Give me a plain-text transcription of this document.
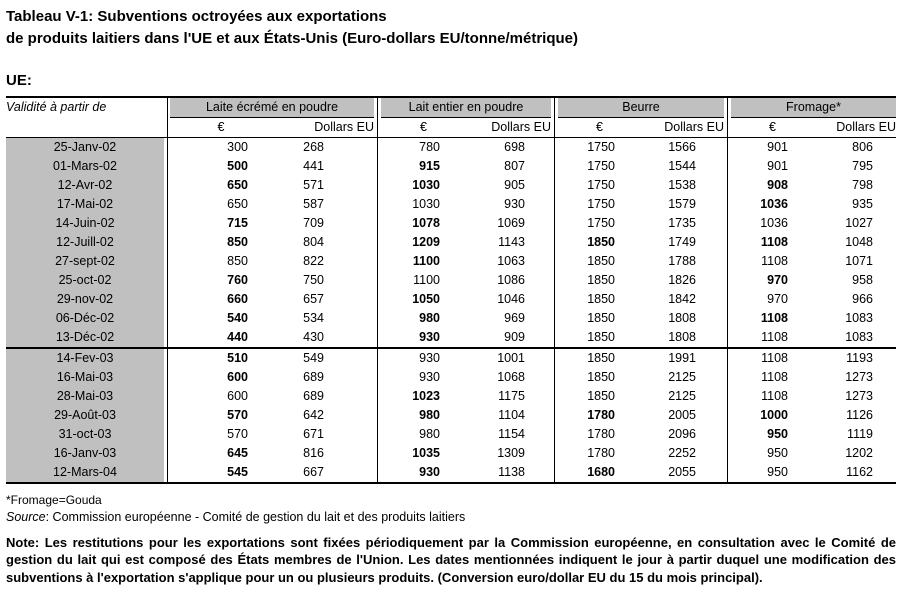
Tableau V-1: Subventions octroyées aux exportations
de produits laitiers dans l'UE et aux États-Unis (Euro-dollars EU/tonne/métrique)
UE:
Validité à partir de		Laite écrémé en poudre			Lait entier en poudre			Beurre			Fromage*	
		€	Dollars EU		€	Dollars EU		€	Dollars EU		€	Dollars EU
25-Janv-02		300	268		780	698		1750	1566		901	806
01-Mars-02		500	441		915	807		1750	1544		901	795
12-Avr-02		650	571		1030	905		1750	1538		908	798
17-Mai-02		650	587		1030	930		1750	1579		1036	935
14-Juin-02		715	709		1078	1069		1750	1735		1036	1027
12-Juill-02		850	804		1209	1143		1850	1749		1108	1048
27-sept-02		850	822		1100	1063		1850	1788		1108	1071
25-oct-02		760	750		1100	1086		1850	1826		970	958
29-nov-02		660	657		1050	1046		1850	1842		970	966
06-Déc-02		540	534		980	969		1850	1808		1108	1083
13-Déc-02		440	430		930	909		1850	1808		1108	1083
14-Fev-03		510	549		930	1001		1850	1991		1108	1193
16-Mai-03		600	689		930	1068		1850	2125		1108	1273
28-Mai-03		600	689		1023	1175		1850	2125		1108	1273
29-Août-03		570	642		980	1104		1780	2005		1000	1126
31-oct-03		570	671		980	1154		1780	2096		950	1119
16-Janv-03		645	816		1035	1309		1780	2252		950	1202
12-Mars-04		545	667		930	1138		1680	2055		950	1162
*Fromage=Gouda
Source: Commission européenne - Comité de gestion du lait et des produits laitiers

Note: Les restitutions pour les exportations sont fixées périodiquement par la Commission européenne, en consultation avec le Comité de gestion du lait qui est composé des États membres de l'Union. Les dates mentionnées indiquent le jour à partir duquel une modification des subventions à l'exportation s'applique pour un ou plusieurs produits. (Conversion euro/dollar EU du 15 du mois principal).
